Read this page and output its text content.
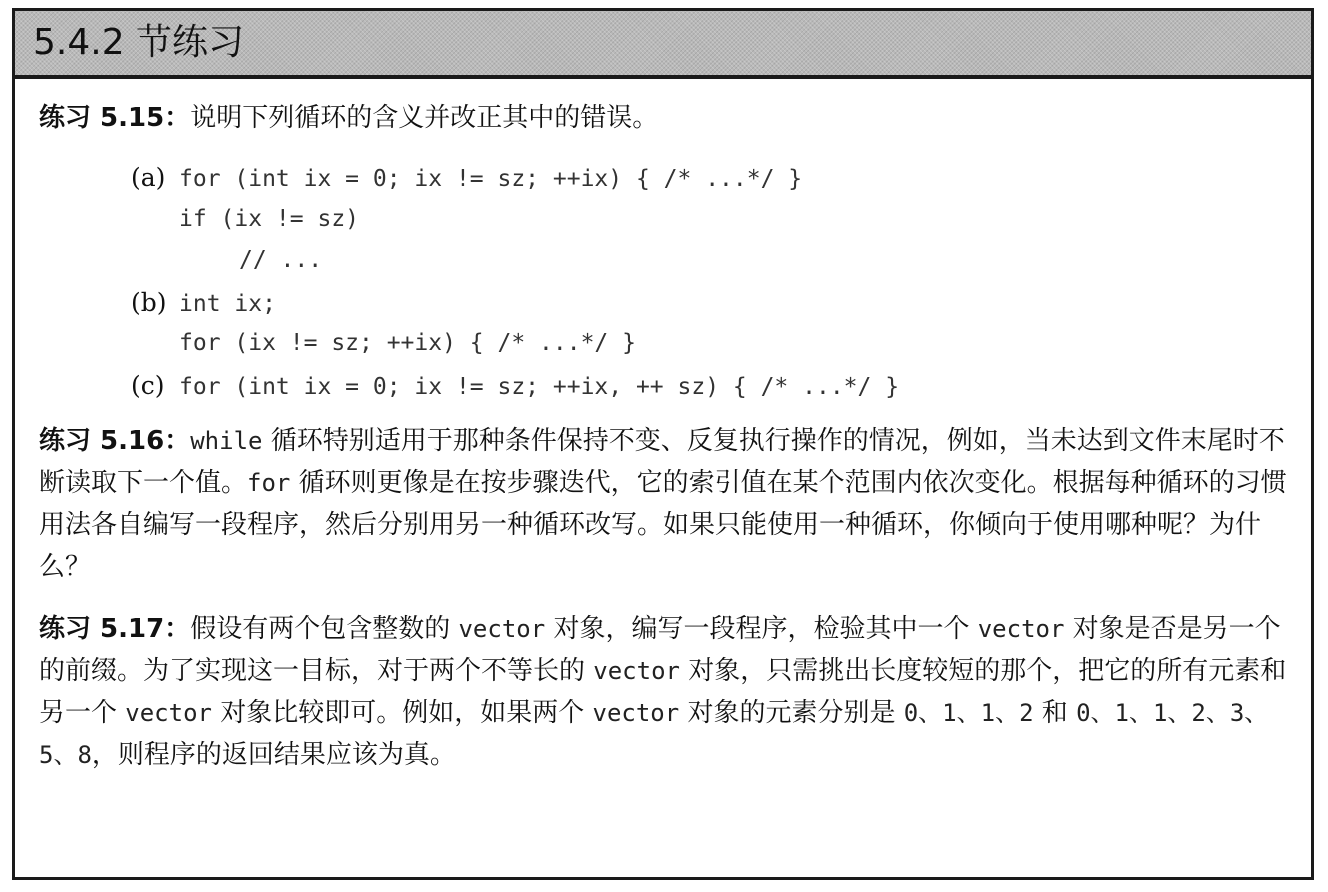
5.4.2 节练习

练习 5.15：说明下列循环的含义并改正其中的错误。

(a) for (int ix = 0; ix != sz; ++ix) { /* ...*/ }
if (ix != sz)
// ...
(b) int ix;
for (ix != sz; ++ix) { /* ...*/ }
(c) for (int ix = 0; ix != sz; ++ix, ++ sz) { /* ...*/ }

练习 5.16：while 循环特别适用于那种条件保持不变、反复执行操作的情况，例如，当未达到文件末尾时不断读取下一个值。for 循环则更像是在按步骤迭代，它的索引值在某个范围内依次变化。根据每种循环的习惯用法各自编写一段程序，然后分别用另一种循环改写。如果只能使用一种循环，你倾向于使用哪种呢？为什么？

练习 5.17：假设有两个包含整数的 vector 对象，编写一段程序，检验其中一个 vector 对象是否是另一个的前缀。为了实现这一目标，对于两个不等长的 vector 对象，只需挑出长度较短的那个，把它的所有元素和另一个 vector 对象比较即可。例如，如果两个 vector 对象的元素分别是 0、1、1、2 和 0、1、1、2、3、5、8，则程序的返回结果应该为真。
